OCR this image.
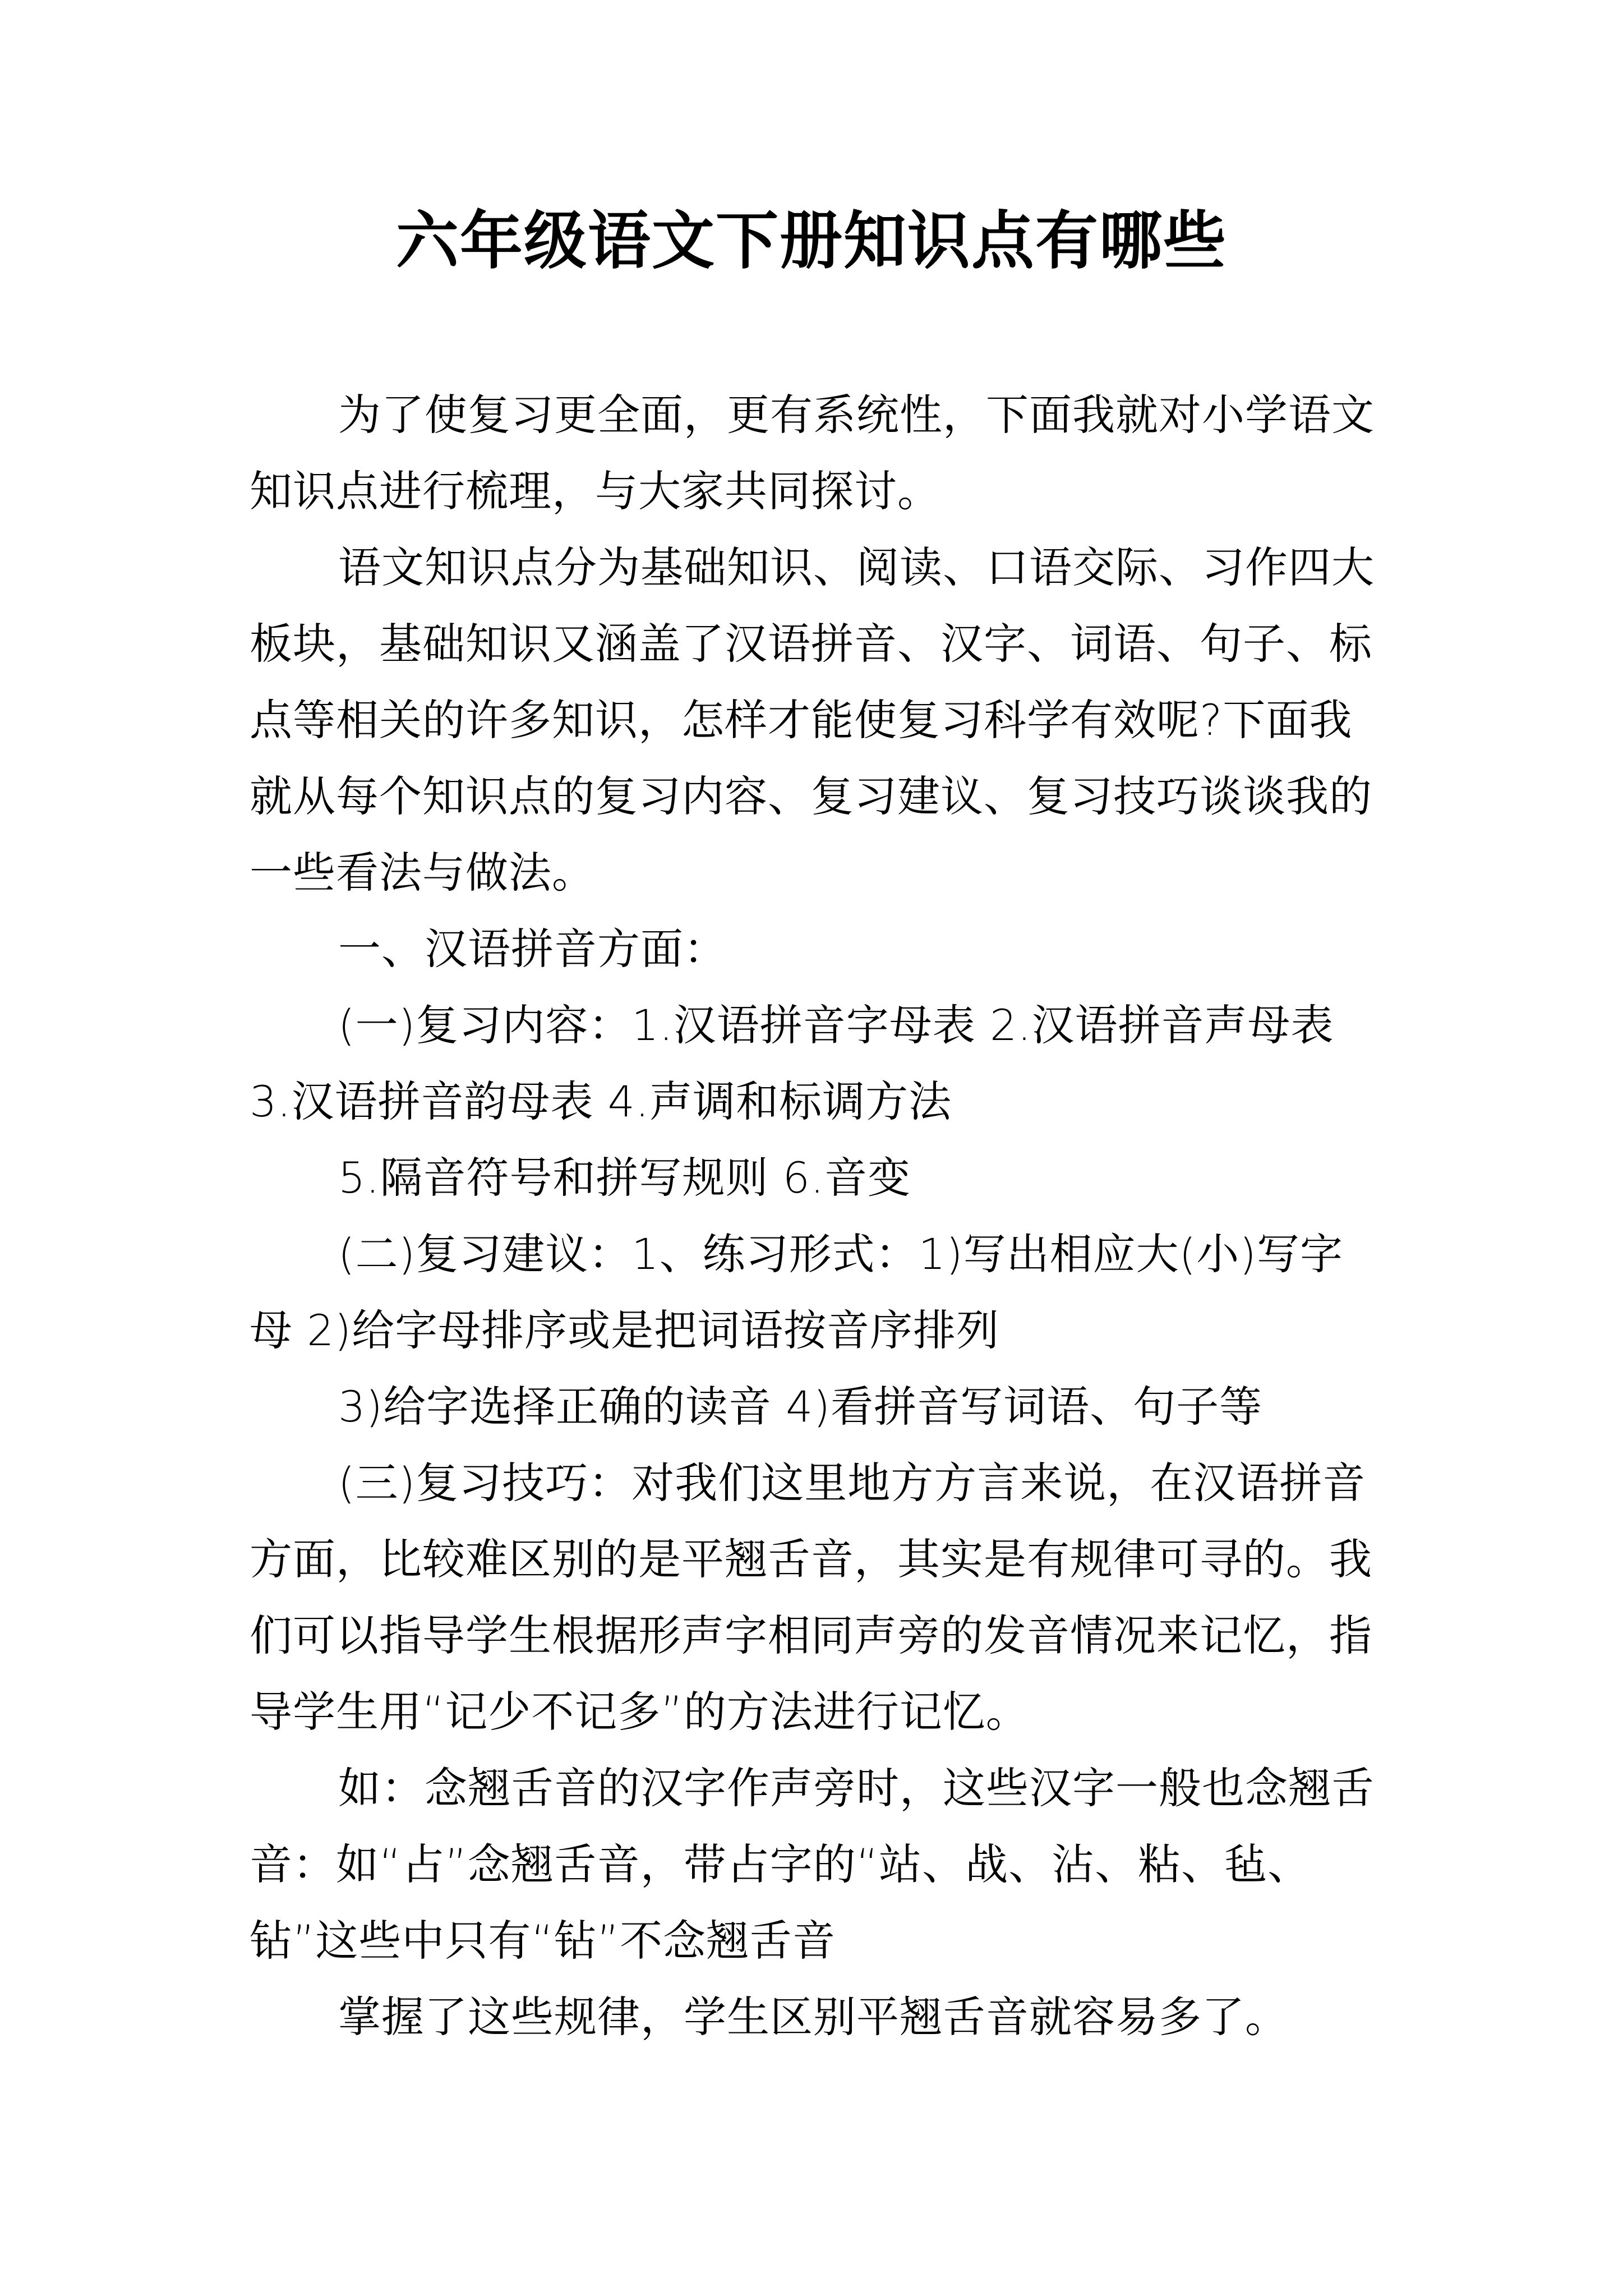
六年级语文下册知识点有哪些
为了使复习更全面，更有系统性，下面我就对小学语文
知识点进行梳理，与大家共同探讨。
语文知识点分为基础知识、阅读、口语交际、习作四大
板块，基础知识又涵盖了汉语拼音、汉字、词语、句子、标
点等相关的许多知识，怎样才能使复习科学有效呢?下面我
就从每个知识点的复习内容、复习建议、复习技巧谈谈我的
一些看法与做法。
一、汉语拼音方面：
(一)复习内容：1.汉语拼音字母表 2.汉语拼音声母表
3.汉语拼音韵母表 4.声调和标调方法
5.隔音符号和拼写规则 6.音变
(二)复习建议：1、练习形式：1)写出相应大(小)写字
母 2)给字母排序或是把词语按音序排列
3)给字选择正确的读音 4)看拼音写词语、句子等
(三)复习技巧：对我们这里地方方言来说，在汉语拼音
方面，比较难区别的是平翘舌音，其实是有规律可寻的。我
们可以指导学生根据形声字相同声旁的发音情况来记忆，指
导学生用“记少不记多”的方法进行记忆。
如：念翘舌音的汉字作声旁时，这些汉字一般也念翘舌
音：如“占”念翘舌音，带占字的“站、战、沾、粘、毡、
钻”这些中只有“钻”不念翘舌音
掌握了这些规律，学生区别平翘舌音就容易多了。
